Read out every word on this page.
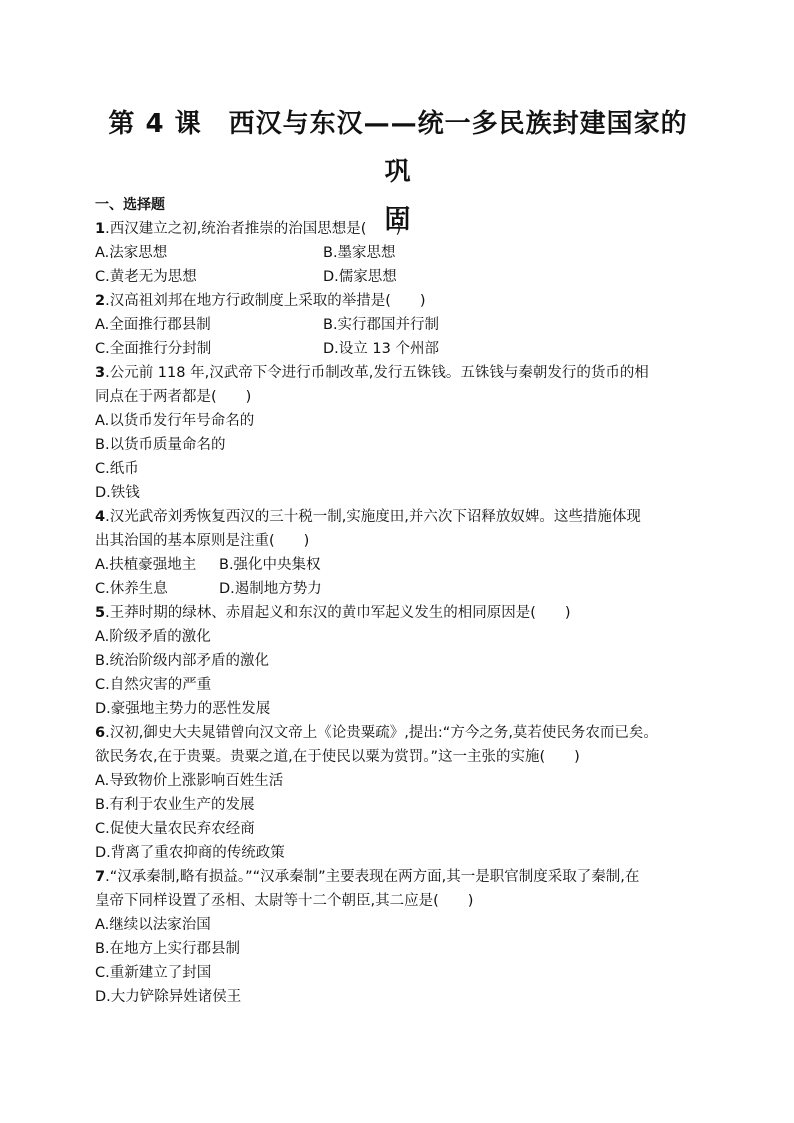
第 4 课　西汉与东汉——统一多民族封建国家的巩
固
一、选择题
1.西汉建立之初,统治者推崇的治国思想是(　　)
A.法家思想	B.墨家思想
C.黄老无为思想	D.儒家思想
2.汉高祖刘邦在地方行政制度上采取的举措是(　　)
A.全面推行郡县制	B.实行郡国并行制
C.全面推行分封制	D.设立 13 个州部
3.公元前 118 年,汉武帝下令进行币制改革,发行五铢钱。五铢钱与秦朝发行的货币的相
同点在于两者都是(　　)
A.以货币发行年号命名的
B.以货币质量命名的
C.纸币
D.铁钱
4.汉光武帝刘秀恢复西汉的三十税一制,实施度田,并六次下诏释放奴婢。这些措施体现
出其治国的基本原则是注重(　　)
A.扶植豪强地主	B.强化中央集权
C.休养生息	D.遏制地方势力
5.王莽时期的绿林、赤眉起义和东汉的黄巾军起义发生的相同原因是(　　)
A.阶级矛盾的激化
B.统治阶级内部矛盾的激化
C.自然灾害的严重
D.豪强地主势力的恶性发展
6.汉初,御史大夫晁错曾向汉文帝上《论贵粟疏》,提出:“方今之务,莫若使民务农而已矣。
欲民务农,在于贵粟。贵粟之道,在于使民以粟为赏罚。”这一主张的实施(　　)
A.导致物价上涨影响百姓生活
B.有利于农业生产的发展
C.促使大量农民弃农经商
D.背离了重农抑商的传统政策
7.“汉承秦制,略有损益。”“汉承秦制”主要表现在两方面,其一是职官制度采取了秦制,在
皇帝下同样设置了丞相、太尉等十二个朝臣,其二应是(　　)
A.继续以法家治国
B.在地方上实行郡县制
C.重新建立了封国
D.大力铲除异姓诸侯王
